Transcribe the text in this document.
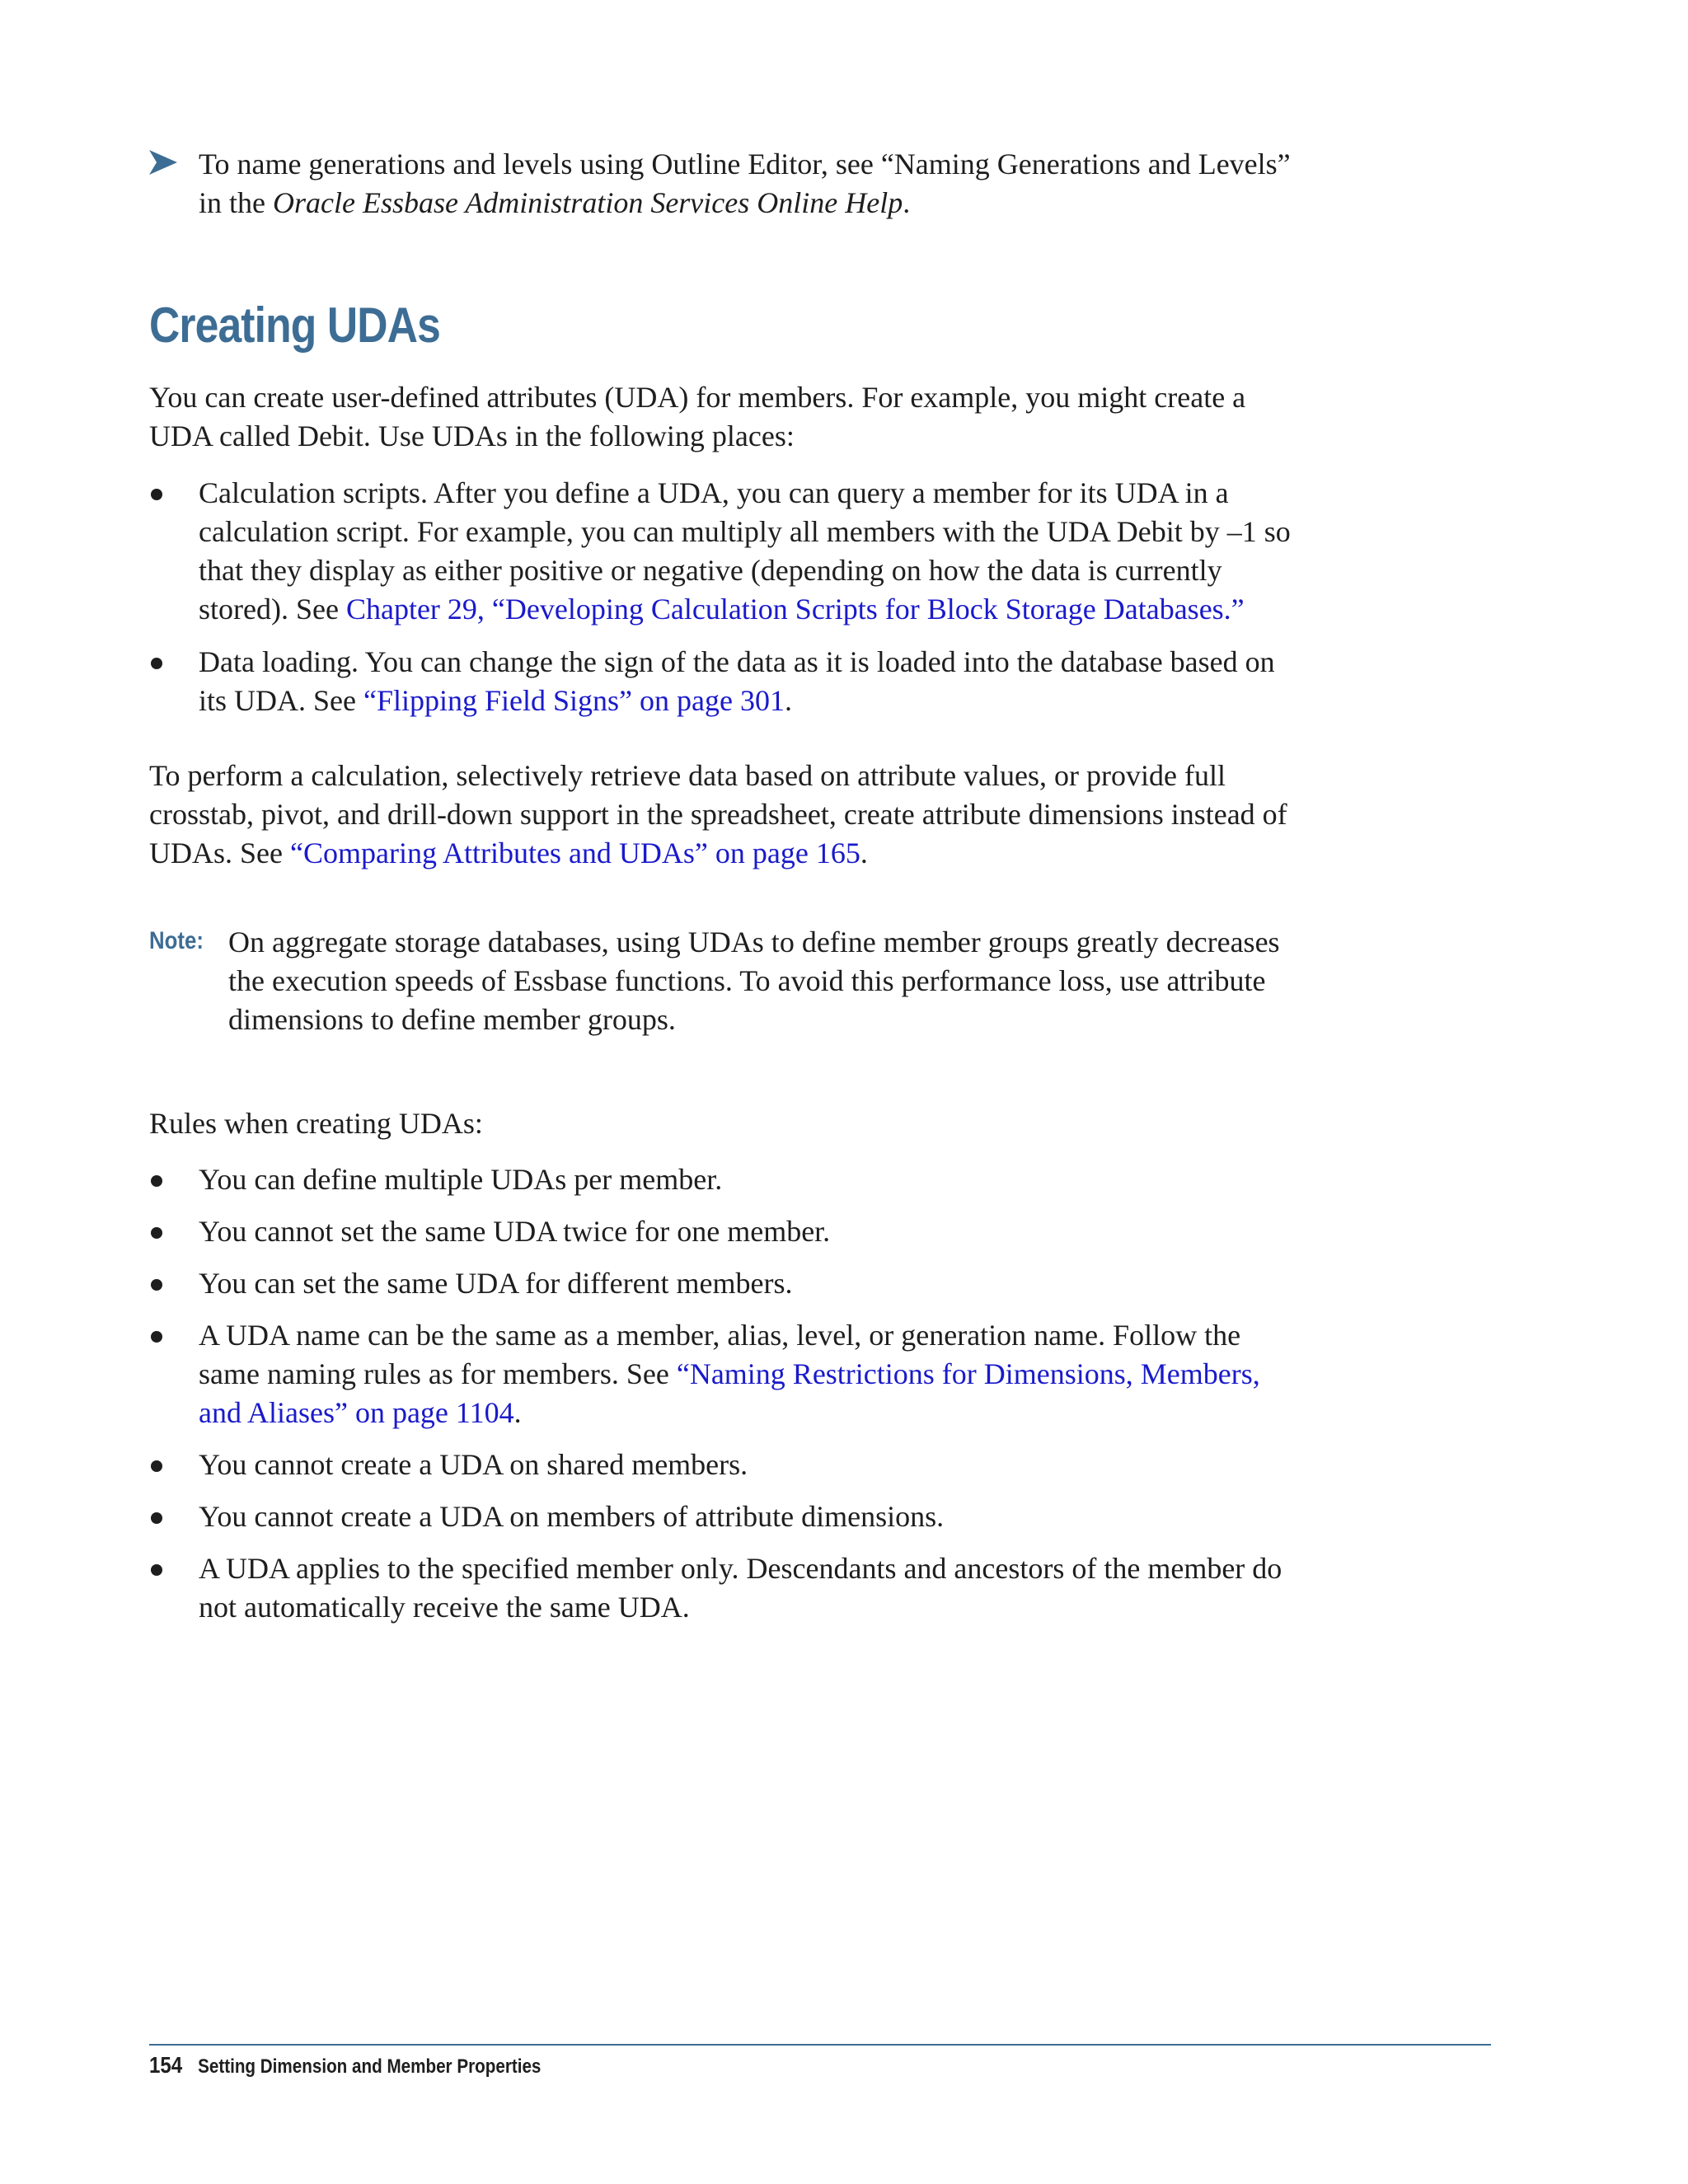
To name generations and levels using Outline Editor, see “Naming Generations and Levels” in the Oracle Essbase Administration Services Online Help.
Creating UDAs

You can create user-defined attributes (UDA) for members. For example, you might create a UDA called Debit. Use UDAs in the following places:

Calculation scripts. After you define a UDA, you can query a member for its UDA in a calculation script. For example, you can multiply all members with the UDA Debit by –1 so that they display as either positive or negative (depending on how the data is currently stored). See Chapter 29, “Developing Calculation Scripts for Block Storage Databases.”
Data loading. You can change the sign of the data as it is loaded into the database based on its UDA. See “Flipping Field Signs” on page 301.

To perform a calculation, selectively retrieve data based on attribute values, or provide full crosstab, pivot, and drill-down support in the spreadsheet, create attribute dimensions instead of UDAs. See “Comparing Attributes and UDAs” on page 165.

Note: On aggregate storage databases, using UDAs to define member groups greatly decreases the execution speeds of Essbase functions. To avoid this performance loss, use attribute dimensions to define member groups.

Rules when creating UDAs:

You can define multiple UDAs per member.
You cannot set the same UDA twice for one member.
You can set the same UDA for different members.
A UDA name can be the same as a member, alias, level, or generation name. Follow the same naming rules as for members. See “Naming Restrictions for Dimensions, Members, and Aliases” on page 1104.
You cannot create a UDA on shared members.
You cannot create a UDA on members of attribute dimensions.
A UDA applies to the specified member only. Descendants and ancestors of the member do not automatically receive the same UDA.
154 Setting Dimension and Member Properties
